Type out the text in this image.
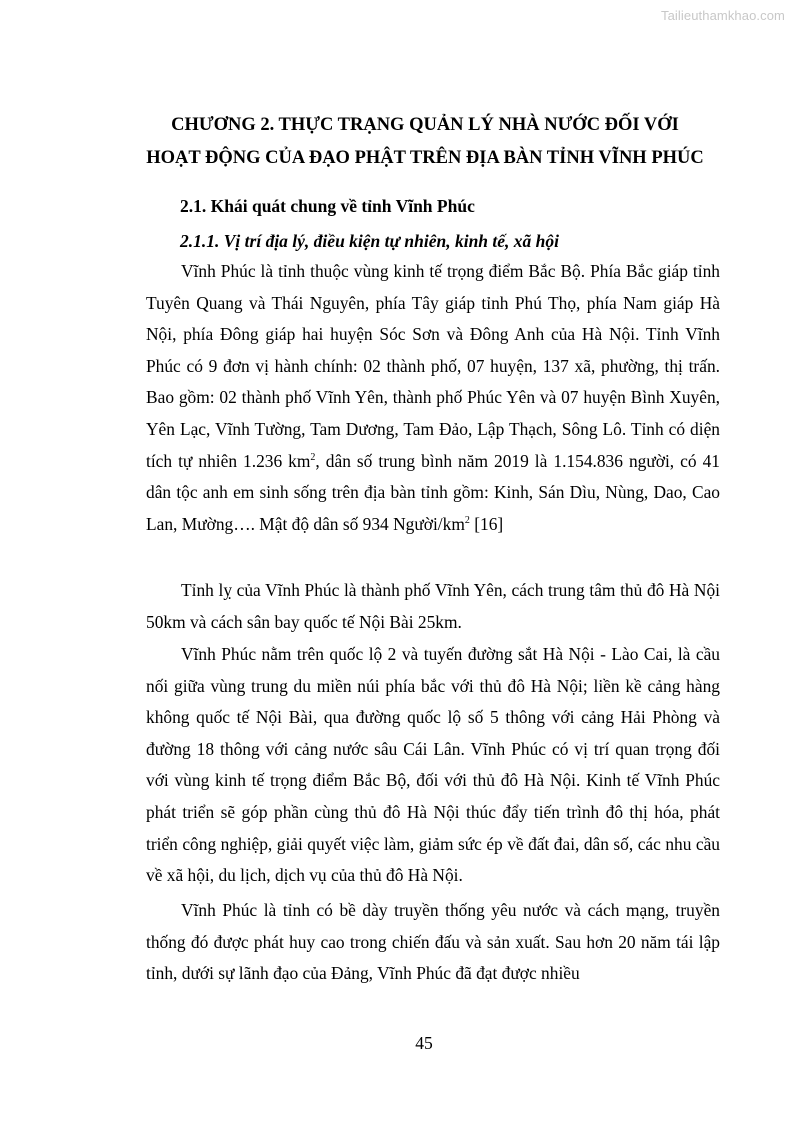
Tailieuthamkhao.com
CHƯƠNG 2. THỰC TRẠNG QUẢN LÝ NHÀ NƯỚC ĐỐI VỚI
HOẠT ĐỘNG CỦA ĐẠO PHẬT TRÊN ĐỊA BÀN TỈNH VĨNH PHÚC
2.1. Khái quát chung về tỉnh Vĩnh Phúc
2.1.1. Vị trí địa lý, điều kiện tự nhiên, kinh tế, xã hội

Vĩnh Phúc là tỉnh thuộc vùng kinh tế trọng điểm Bắc Bộ. Phía Bắc giáp tỉnh Tuyên Quang và Thái Nguyên, phía Tây giáp tỉnh Phú Thọ, phía Nam giáp Hà Nội, phía Đông giáp hai huyện Sóc Sơn và Đông Anh của Hà Nội. Tỉnh Vĩnh Phúc có 9 đơn vị hành chính: 02 thành phố, 07 huyện, 137 xã, phường, thị trấn. Bao gồm: 02 thành phố Vĩnh Yên, thành phố Phúc Yên và 07 huyện Bình Xuyên, Yên Lạc, Vĩnh Tường, Tam Dương, Tam Đảo, Lập Thạch, Sông Lô. Tỉnh có diện tích tự nhiên 1.236 $km^2$, dân số trung bình năm 2019 là 1.154.836 người, có 41 dân tộc anh em sinh sống trên địa bàn tỉnh gồm: Kinh, Sán Dìu, Nùng, Dao, Cao Lan, Mường…. Mật độ dân số 934 Người/$km^2$ [16]

Tỉnh lỵ của Vĩnh Phúc là thành phố Vĩnh Yên, cách trung tâm thủ đô Hà Nội 50km và cách sân bay quốc tế Nội Bài 25km.

Vĩnh Phúc nằm trên quốc lộ 2 và tuyến đường sắt Hà Nội - Lào Cai, là cầu nối giữa vùng trung du miền núi phía bắc với thủ đô Hà Nội; liền kề cảng hàng không quốc tế Nội Bài, qua đường quốc lộ số 5 thông với cảng Hải Phòng và đường 18 thông với cảng nước sâu Cái Lân. Vĩnh Phúc có vị trí quan trọng đối với vùng kinh tế trọng điểm Bắc Bộ, đối với thủ đô Hà Nội. Kinh tế Vĩnh Phúc phát triển sẽ góp phần cùng thủ đô Hà Nội thúc đẩy tiến trình đô thị hóa, phát triển công nghiệp, giải quyết việc làm, giảm sức ép về đất đai, dân số, các nhu cầu về xã hội, du lịch, dịch vụ của thủ đô Hà Nội.

Vĩnh Phúc là tỉnh có bề dày truyền thống yêu nước và cách mạng, truyền thống đó được phát huy cao trong chiến đấu và sản xuất. Sau hơn 20 năm tái lập tỉnh, dưới sự lãnh đạo của Đảng, Vĩnh Phúc đã đạt được nhiều

45
